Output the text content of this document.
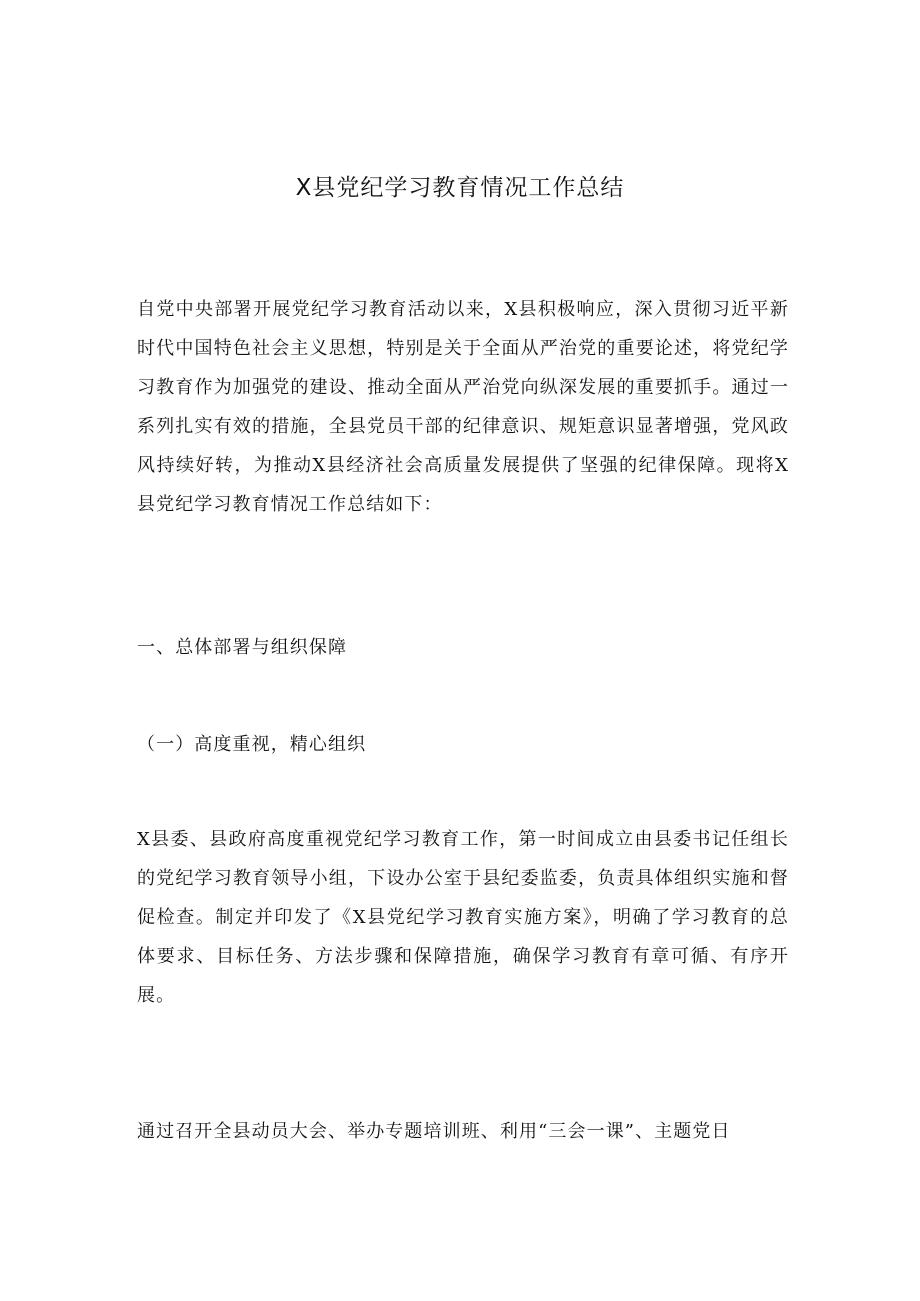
X县党纪学习教育情况工作总结

自党中央部署开展党纪学习教育活动以来，X县积极响应，深入贯彻习近平新时代中国特色社会主义思想，特别是关于全面从严治党的重要论述，将党纪学习教育作为加强党的建设、推动全面从严治党向纵深发展的重要抓手。通过一系列扎实有效的措施，全县党员干部的纪律意识、规矩意识显著增强，党风政风持续好转，为推动X县经济社会高质量发展提供了坚强的纪律保障。现将X县党纪学习教育情况工作总结如下：

一、总体部署与组织保障
（一）高度重视，精心组织

X县委、县政府高度重视党纪学习教育工作，第一时间成立由县委书记任组长的党纪学习教育领导小组，下设办公室于县纪委监委，负责具体组织实施和督促检查。制定并印发了《X县党纪学习教育实施方案》，明确了学习教育的总体要求、目标任务、方法步骤和保障措施，确保学习教育有章可循、有序开展。

通过召开全县动员大会、举办专题培训班、利用“三会一课”、主题党日
